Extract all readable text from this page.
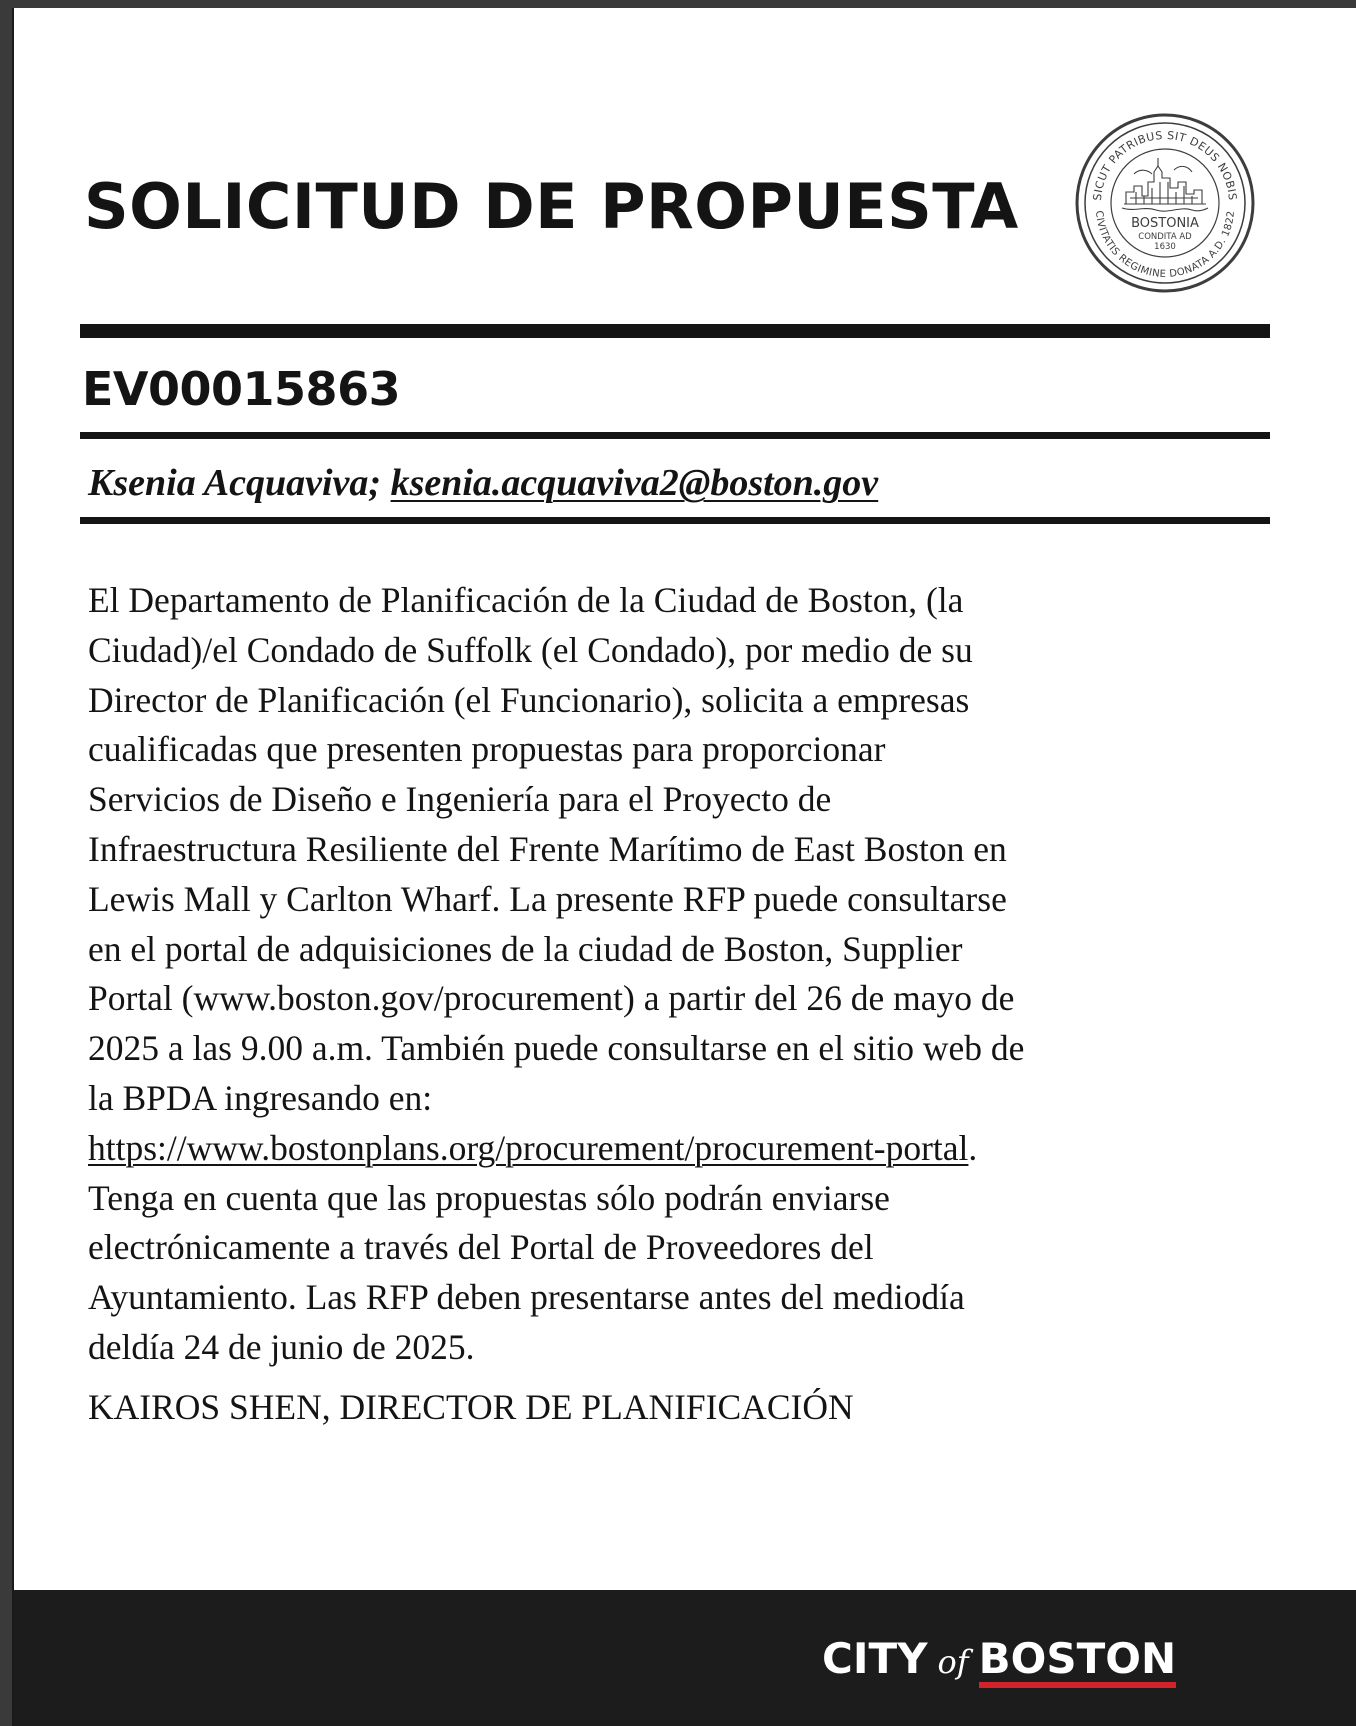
SOLICITUD DE PROPUESTA	SICUT PATRIBUS SIT DEUS NOBIS
CIVITATIS REGIMINE DONATA A.D. 1822
BOSTONIA
CONDITA AD
1630
EV00015863
Ksenia Acquaviva; ksenia.acquaviva2@boston.gov
El Departamento de Planificación de la Ciudad de Boston, (la
Ciudad)/el Condado de Suffolk (el Condado), por medio de su
Director de Planificación (el Funcionario), solicita a empresas
cualificadas que presenten propuestas para proporcionar
Servicios de Diseño e Ingeniería para el Proyecto de
Infraestructura Resiliente del Frente Marítimo de East Boston en
Lewis Mall y Carlton Wharf. La presente RFP puede consultarse
en el portal de adquisiciones de la ciudad de Boston, Supplier
Portal (www.boston.gov/procurement) a partir del 26 de mayo de
2025 a las 9.00 a.m. También puede consultarse en el sitio web de
la BPDA ingresando en:
https://www.bostonplans.org/procurement/procurement-portal.
Tenga en cuenta que las propuestas sólo podrán enviarse
electrónicamente a través del Portal de Proveedores del
Ayuntamiento. Las RFP deben presentarse antes del mediodía
deldía 24 de junio de 2025.
KAIROS SHEN, DIRECTOR DE PLANIFICACIÓN
CITY of BOSTON
